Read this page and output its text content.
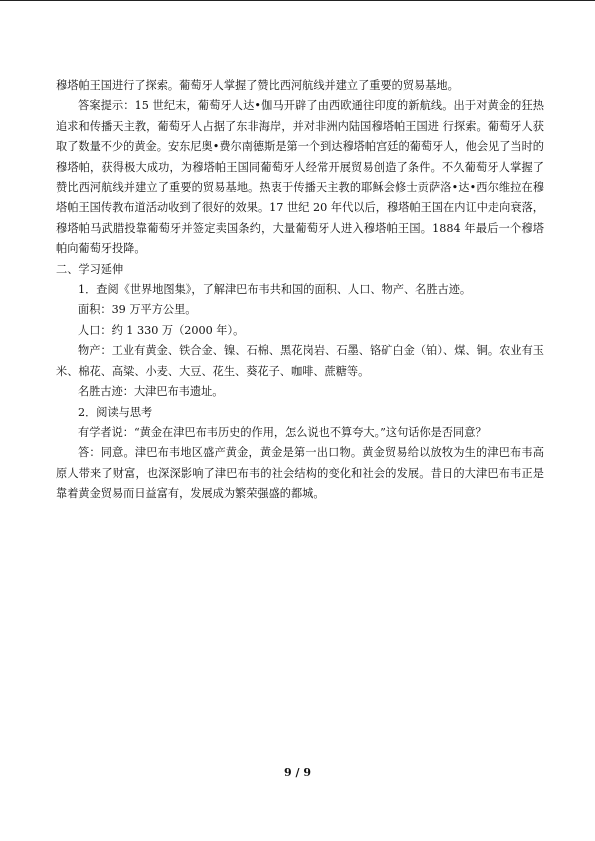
穆塔帕王国进行了探索。葡萄牙人掌握了赞比西河航线并建立了重要的贸易基地。

答案提示：15 世纪末，葡萄牙人达•伽马开辟了由西欧通往印度的新航线。出于对黄金的狂热追求和传播天主教，葡萄牙人占据了东非海岸，并对非洲内陆国穆塔帕王国进 行探索。葡萄牙人获取了数量不少的黄金。安东尼奥•费尔南德斯是第一个到达穆塔帕宫廷的葡萄牙人，他会见了当时的穆塔帕，获得极大成功，为穆塔帕王国同葡萄牙人经常开展贸易创造了条件。不久葡萄牙人掌握了赞比西河航线并建立了重要的贸易基地。热衷于传播天主教的耶稣会修士贡萨洛•达•西尔维拉在穆塔帕王国传教布道活动收到了很好的效果。17 世纪 20 年代以后，穆塔帕王国在内讧中走向衰落，穆塔帕马武腊投靠葡萄牙并签定卖国条约，大量葡萄牙人进入穆塔帕王国。1884 年最后一个穆塔帕向葡萄牙投降。

二、学习延伸

1．查阅《世界地图集》，了解津巴布韦共和国的面积、人口、物产、名胜古迹。

面积：39 万平方公里。

人口：约 1 330 万（2000 年）。

物产：工业有黄金、铁合金、镍、石棉、黑花岗岩、石墨、铬矿白金（铂）、煤、铜。农业有玉米、棉花、高粱、小麦、大豆、花生、葵花子、咖啡、蔗糖等。

名胜古迹：大津巴布韦遗址。

2．阅读与思考

有学者说：“黄金在津巴布韦历史的作用，怎么说也不算夸大。”这句话你是否同意？

答：同意。津巴布韦地区盛产黄金，黄金是第一出口物。黄金贸易给以放牧为生的津巴布韦高原人带来了财富，也深深影响了津巴布韦的社会结构的变化和社会的发展。昔日的大津巴布韦正是靠着黄金贸易而日益富有，发展成为繁荣强盛的都城。

9 / 9
